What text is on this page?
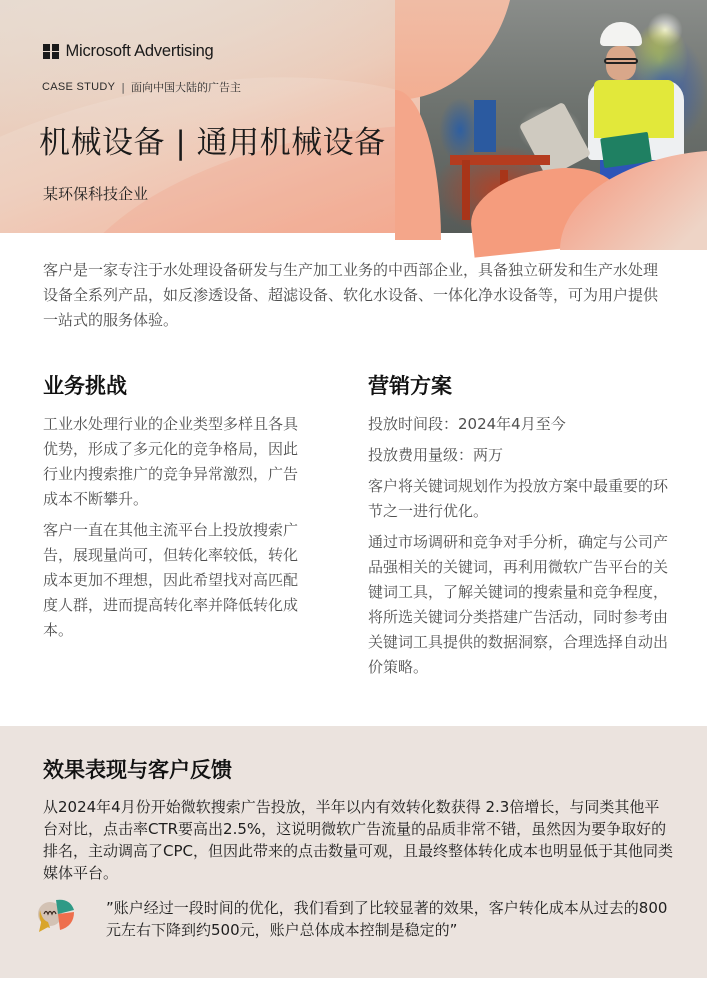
Microsoft Advertising
CASE STUDY | 面向中国大陆的广告主
机械设备 | 通用机械设备
某环保科技企业

客户是一家专注于水处理设备研发与生产加工业务的中西部企业，具备独立研发和生产水处理设备全系列产品，如反渗透设备、超滤设备、软化水设备、一体化净水设备等，可为用户提供一站式的服务体验。

业务挑战

工业水处理行业的企业类型多样且各具优势，形成了多元化的竞争格局，因此行业内搜索推广的竞争异常激烈，广告成本不断攀升。

客户一直在其他主流平台上投放搜索广告，展现量尚可，但转化率较低，转化成本更加不理想，因此希望找对高匹配度人群，进而提高转化率并降低转化成本。

营销方案

投放时间段：2024年4月至今

投放费用量级：两万

客户将关键词规划作为投放方案中最重要的环节之一进行优化。

通过市场调研和竞争对手分析，确定与公司产品强相关的关键词，再利用微软广告平台的关键词工具，了解关键词的搜索量和竞争程度，将所选关键词分类搭建广告活动，同时参考由关键词工具提供的数据洞察，合理选择自动出价策略。

效果表现与客户反馈

从2024年4月份开始微软搜索广告投放，半年以内有效转化数获得 2.3倍增长，与同类其他平台对比，点击率CTR要高出2.5%，这说明微软广告流量的品质非常不错，虽然因为要争取好的排名，主动调高了CPC，但因此带来的点击数量可观，且最终整体转化成本也明显低于其他同类媒体平台。

”账户经过一段时间的优化，我们看到了比较显著的效果，客户转化成本从过去的800元左右下降到约500元，账户总体成本控制是稳定的”
